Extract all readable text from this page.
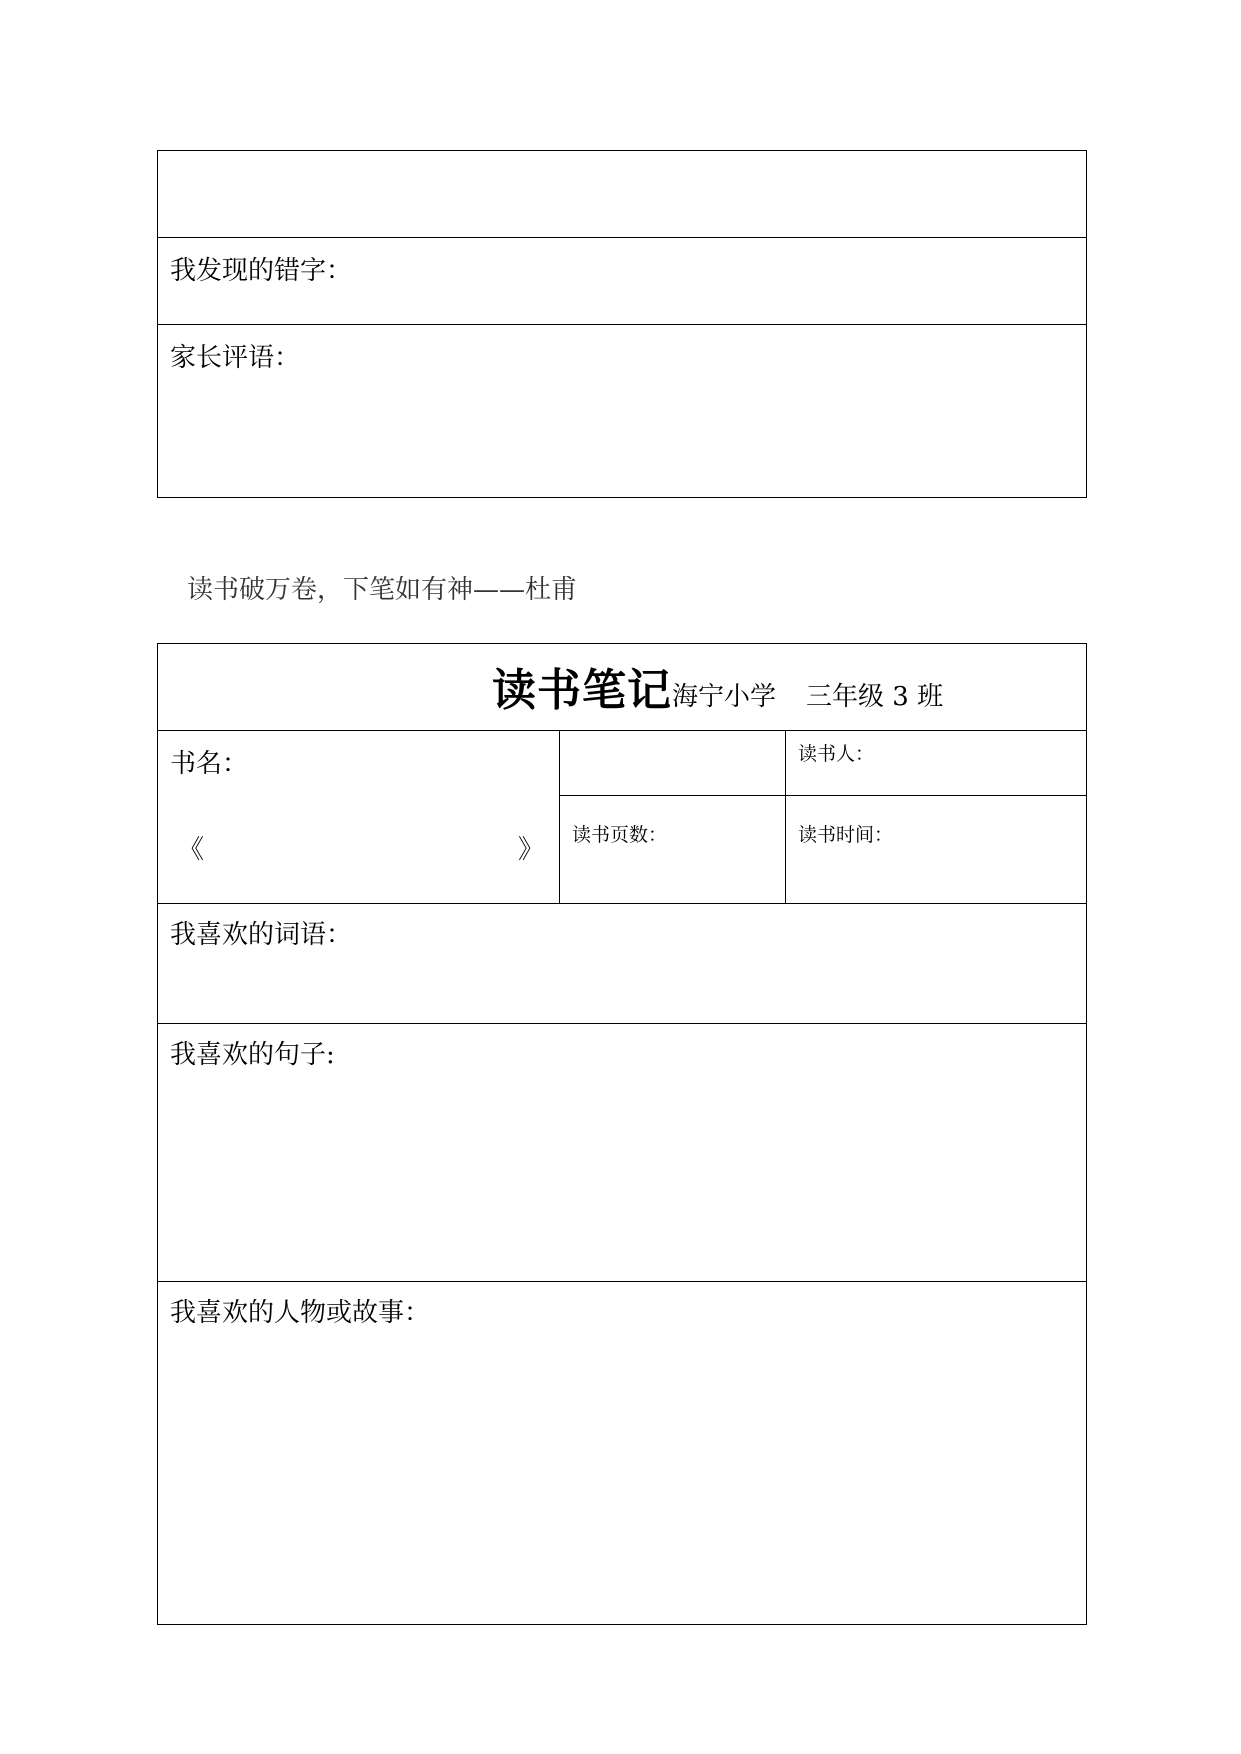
我发现的错字：
家长评语：
读书破万卷，下笔如有神——杜甫
读书笔记海宁小学 三年级 3 班
书名：
《	》
读书人：
读书页数：	读书时间：
我喜欢的词语：
我喜欢的句子:
我喜欢的人物或故事：
